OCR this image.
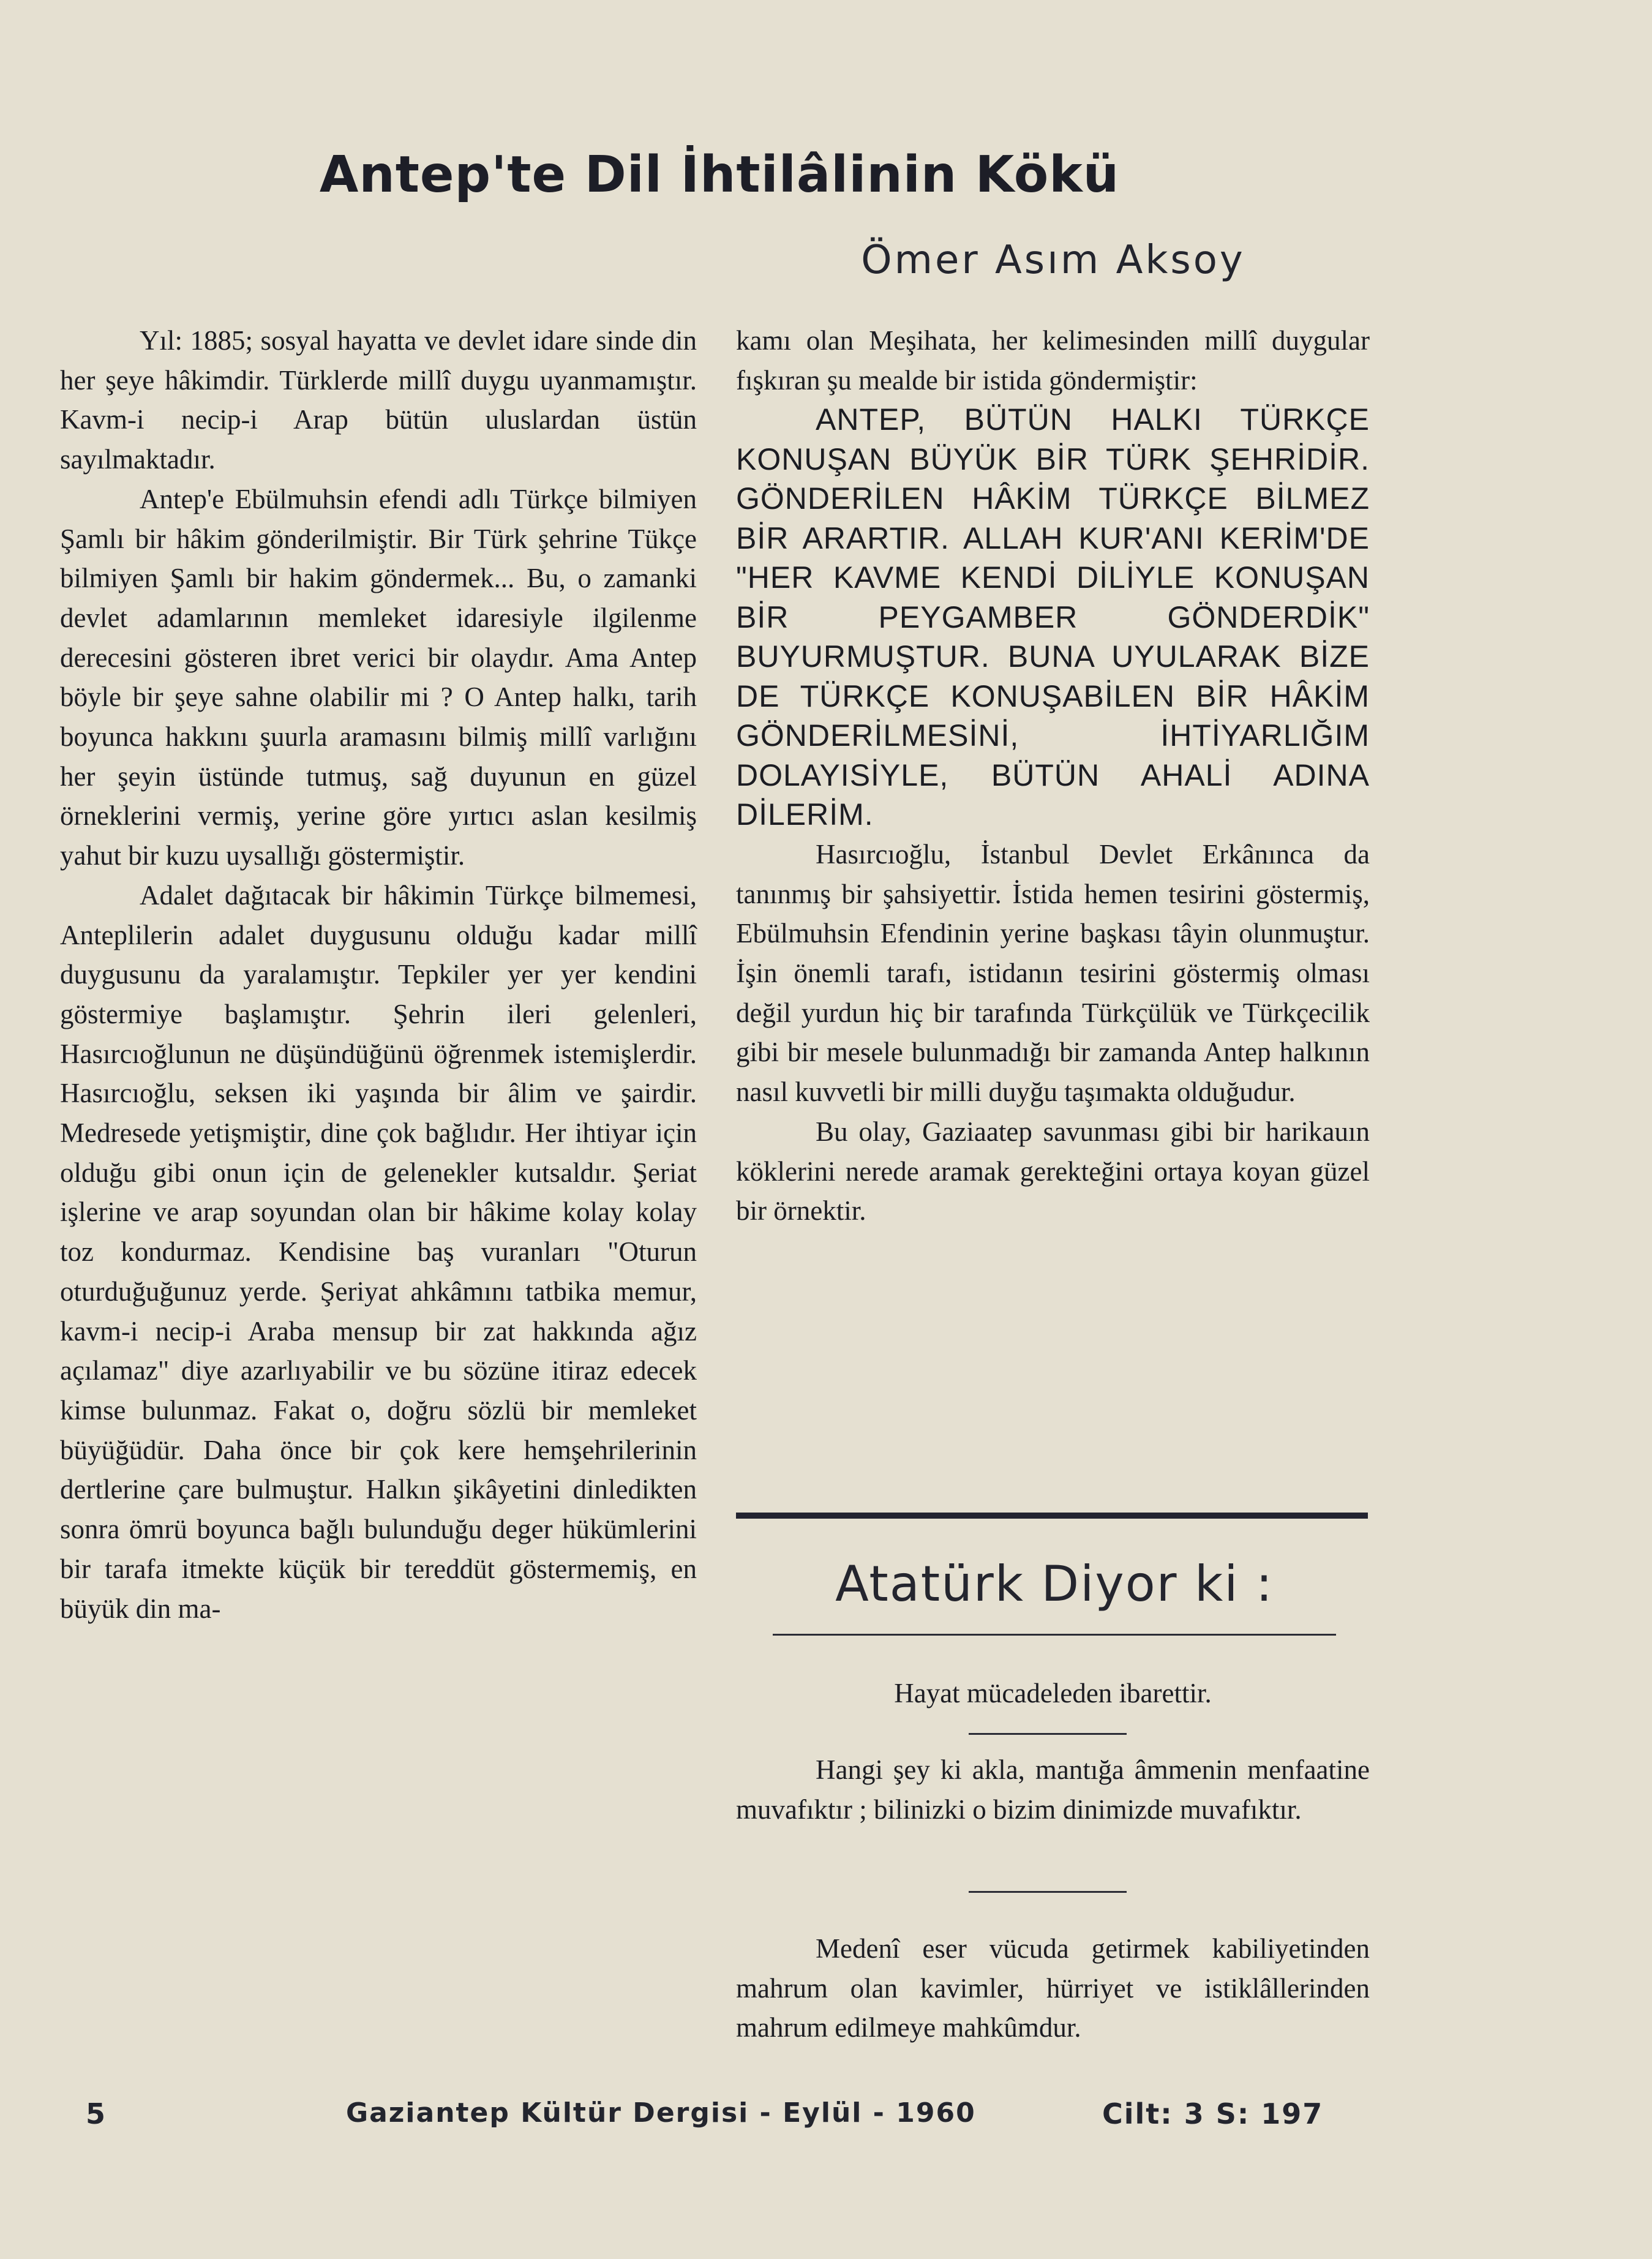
Antep'te Dil İhtilâlinin Kökü
Ömer Asım Aksoy

Yıl: 1885; sosyal hayatta ve devlet idare sinde din her şeye hâkimdir. Türklerde millî duygu uyanmamıştır. Kavm-i necip-i Arap bütün uluslardan üstün sayılmaktadır.

Antep'e Ebülmuhsin efendi adlı Türkçe bilmiyen Şamlı bir hâkim gönderilmiştir. Bir Türk şehrine Tükçe bilmiyen Şamlı bir hakim göndermek... Bu, o zamanki devlet adamlarının memleket idaresiyle ilgilenme derecesini gösteren ibret verici bir olaydır. Ama Antep böyle bir şeye sahne olabilir mi ? O Antep halkı, tarih boyunca hakkını şuurla aramasını bilmiş millî varlığını her şeyin üstünde tutmuş, sağ duyunun en güzel örneklerini vermiş, yerine göre yırtıcı aslan kesilmiş yahut bir kuzu uysallığı göstermiştir.

Adalet dağıtacak bir hâkimin Türkçe bilmemesi, Anteplilerin adalet duygusunu olduğu kadar millî duygusunu da yaralamıştır. Tepkiler yer yer kendini göstermiye başlamıştır. Şehrin ileri gelenleri, Hasırcıoğlunun ne düşündüğünü öğrenmek istemişlerdir. Hasırcıoğlu, seksen iki yaşında bir âlim ve şairdir. Medresede yetişmiştir, dine çok bağlıdır. Her ihtiyar için olduğu gibi onun için de gelenekler kutsaldır. Şeriat işlerine ve arap soyundan olan bir hâkime kolay kolay toz kondurmaz. Kendisine baş vuranları "Oturun oturduğuğunuz yerde. Şeriyat ahkâmını tatbika memur, kavm-i necip-i Araba mensup bir zat hakkında ağız açılamaz" diye azarlıyabilir ve bu sözüne itiraz edecek kimse bulunmaz. Fakat o, doğru sözlü bir memleket büyüğüdür. Daha önce bir çok kere hemşehrilerinin dertlerine çare bulmuştur. Halkın şikâyetini dinledikten sonra ömrü boyunca bağlı bulunduğu deger hükümlerini bir tarafa itmekte küçük bir tereddüt göstermemiş, en büyük din ma-

kamı olan Meşihata, her kelimesinden millî duygular fışkıran şu mealde bir istida göndermiştir:

ANTEP, BÜTÜN HALKI TÜRKÇE KONUŞAN BÜYÜK BİR TÜRK ŞEHRİDİR. GÖNDERİLEN HÂKİM TÜRKÇE BİLMEZ BİR ARARTIR. ALLAH KUR'ANI KERİM'DE "HER KAVME KENDİ DİLİYLE KONUŞAN BİR PEYGAMBER GÖNDERDİK" BUYURMUŞTUR. BUNA UYULARAK BİZE DE TÜRKÇE KONUŞABİLEN BİR HÂKİM GÖNDERİLMESİNİ, İHTİYARLIĞIM DOLAYISİYLE, BÜTÜN AHALİ ADINA DİLERİM.

Hasırcıoğlu, İstanbul Devlet Erkânınca da tanınmış bir şahsiyettir. İstida hemen tesirini göstermiş, Ebülmuhsin Efendinin yerine başkası tâyin olunmuştur. İşin önemli tarafı, istidanın tesirini göstermiş olması değil yurdun hiç bir tarafında Türkçülük ve Türkçecilik gibi bir mesele bulunmadığı bir zamanda Antep halkının nasıl kuvvetli bir milli duyğu taşımakta olduğudur.

Bu olay, Gaziaatep savunması gibi bir harikauın köklerini nerede aramak gerekteğini ortaya koyan güzel bir örnektir.

Atatürk Diyor ki :

Hayat mücadeleden ibarettir.

Hangi şey ki akla, mantığa âmmenin menfaatine muvafıktır ; bilinizki o bizim dinimizde muvafıktır.

Medenî eser vücuda getirmek kabiliyetinden mahrum olan kavimler, hürriyet ve istiklâllerinden mahrum edilmeye mahkûmdur.

5	Gaziantep Kültür Dergisi - Eylül - 1960	Cilt: 3 S: 197
